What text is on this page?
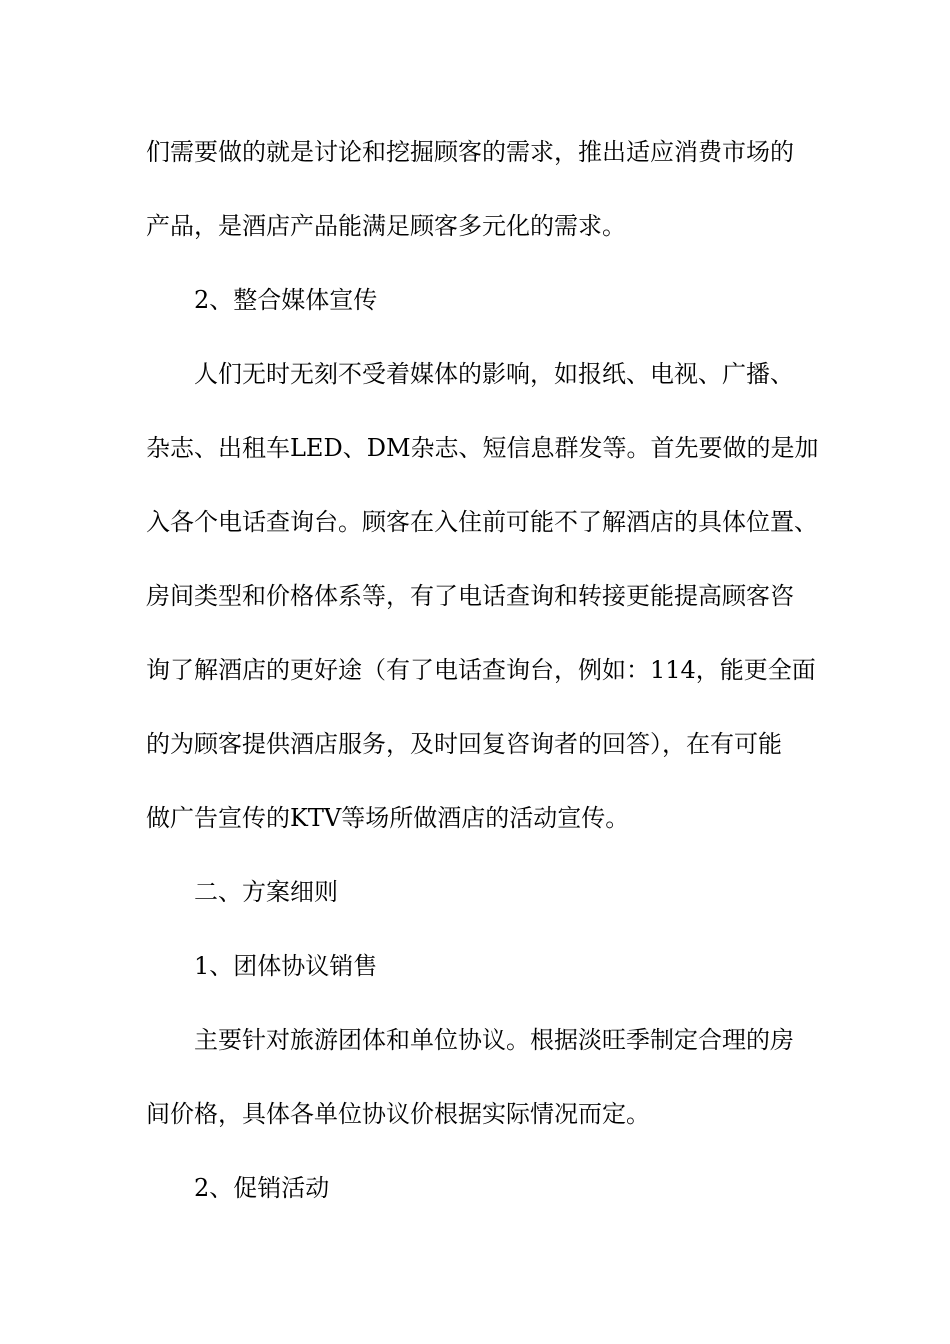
们需要做的就是讨论和挖掘顾客的需求，推出适应消费市场的
产品，是酒店产品能满足顾客多元化的需求。
2、整合媒体宣传
人们无时无刻不受着媒体的影响，如报纸、电视、广播、
杂志、出租车LED、DM杂志、短信息群发等。首先要做的是加
入各个电话查询台。顾客在入住前可能不了解酒店的具体位置、
房间类型和价格体系等，有了电话查询和转接更能提高顾客咨
询了解酒店的更好途（有了电话查询台，例如：114，能更全面
的为顾客提供酒店服务，及时回复咨询者的回答），在有可能
做广告宣传的KTV等场所做酒店的活动宣传。
二、方案细则
1、团体协议销售
主要针对旅游团体和单位协议。根据淡旺季制定合理的房
间价格，具体各单位协议价根据实际情况而定。
2、促销活动
